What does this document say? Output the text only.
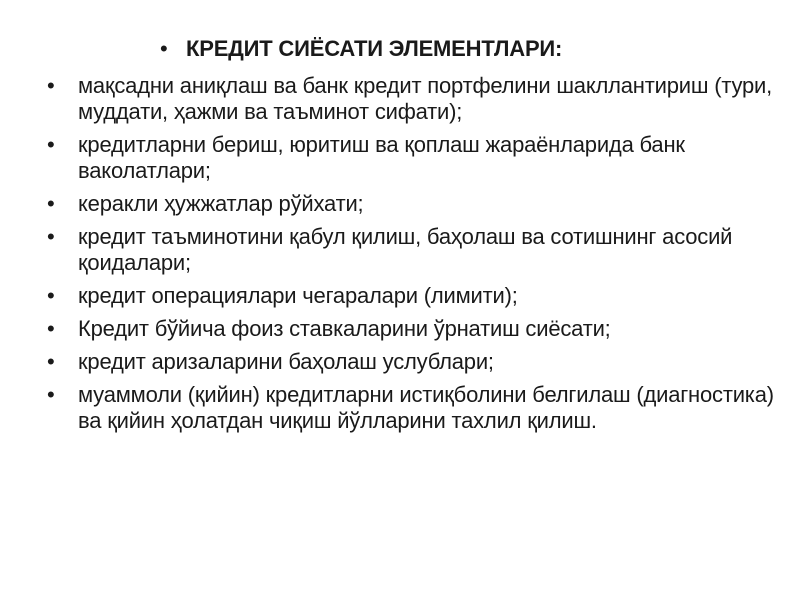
• КРЕДИТ СИЁСАТИ ЭЛЕМЕНТЛАРИ:
•	мақсадни аниқлаш ва банк кредит портфелини шакллантириш (тури, муддати, ҳажми ва таъминот сифати);
•	кредитларни бериш, юритиш ва қоплаш жараёнларида банк ваколатлари;
•	керакли ҳужжатлар рўйхати;
•	кредит таъминотини қабул қилиш, баҳолаш ва сотишнинг асосий қоидалари;
•	кредит операциялари чегаралари (лимити);
•	Кредит бўйича фоиз ставкаларини ўрнатиш сиёсати;
•	кредит аризаларини баҳолаш услублари;
•	муаммоли (қийин) кредитларни истиқболини белгилаш (диагностика) ва қийин ҳолатдан чиқиш йўлларини тахлил қилиш.
